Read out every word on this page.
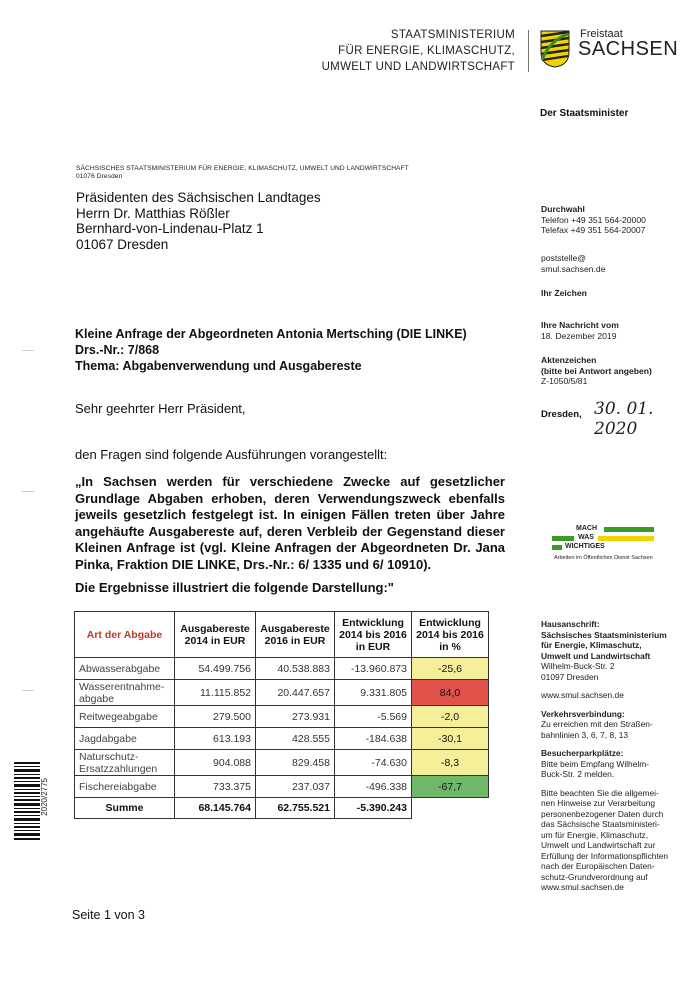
STAATSMINISTERIUM
FÜR ENERGIE, KLIMASCHUTZ,
UMWELT UND LANDWIRTSCHAFT
Freistaat
SACHSEN
Der Staatsminister
SÄCHSISCHES STAATSMINISTERIUM FÜR ENERGIE, KLIMASCHUTZ, UMWELT UND LANDWIRTSCHAFT
01076 Dresden
Präsidenten des Sächsischen Landtages
Herrn Dr. Matthias Rößler
Bernhard-von-Lindenau-Platz 1
01067 Dresden
Durchwahl
Telefon +49 351 564-20000
Telefax +49 351 564-20007
poststelle@
smul.sachsen.de
Ihr Zeichen
Ihre Nachricht vom
18. Dezember 2019
Aktenzeichen
(bitte bei Antwort angeben)
Z-1050/5/81
Dresden, 30. 01. 2020
Kleine Anfrage der Abgeordneten Antonia Mertsching (DIE LINKE)
Drs.-Nr.: 7/868
Thema: Abgabenverwendung und Ausgabereste
Sehr geehrter Herr Präsident,
den Fragen sind folgende Ausführungen vorangestellt:
„In Sachsen werden für verschiedene Zwecke auf gesetzlicher Grundlage Abgaben erhoben, deren Verwendungszweck ebenfalls jeweils gesetzlich festgelegt ist. In einigen Fällen treten über Jahre angehäufte Ausgabereste auf, deren Verbleib der Gegenstand dieser Kleinen Anfrage ist (vgl. Kleine Anfragen der Abgeordneten Dr. Jana Pinka, Fraktion DIE LINKE, Drs.-Nr.: 6/ 1335 und 6/ 10910).
Die Ergebnisse illustriert die folgende Darstellung:"
MACH
WAS
WICHTIGES
Arbeiten im Öffentlichen Dienst Sachsen
Art der Abgabe	Ausgabereste 2014 in EUR	Ausgabereste 2016 in EUR	Entwicklung 2014 bis 2016 in EUR	Entwicklung 2014 bis 2016 in %
Abwasserabgabe	54.499.756	40.538.883	-13.960.873	-25,6
Wasserentnahme-abgabe	11.115.852	20.447.657	9.331.805	84,0
Reitwegeabgabe	279.500	273.931	-5.569	-2,0
Jagdabgabe	613.193	428.555	-184.638	-30,1
Naturschutz-Ersatzzahlungen	904.088	829.458	-74.630	-8,3
Fischereiabgabe	733.375	237.037	-496.338	-67,7
Summe	68.145.764	62.755.521	-5.390.243	
Hausanschrift:
Sächsisches Staatsministerium
für Energie, Klimaschutz,
Umwelt und Landwirtschaft
Wilhelm-Buck-Str. 2
01097 Dresden
www.smul.sachsen.de
Verkehrsverbindung:
Zu erreichen mit den Straßen-
bahnlinien 3, 6, 7, 8, 13
Besucherparkplätze:
Bitte beim Empfang Wilhelm-
Buck-Str. 2 melden.
Bitte beachten Sie die allgemei-
nen Hinweise zur Verarbeitung
personenbezogener Daten durch
das Sächsische Staatsministeri-
um für Energie, Klimaschutz,
Umwelt und Landwirtschaft zur
Erfüllung der Informationspflichten
nach der Europäischen Daten-
schutz-Grundverordnung auf
www.smul.sachsen.de
2020/2775
Seite 1 von 3
